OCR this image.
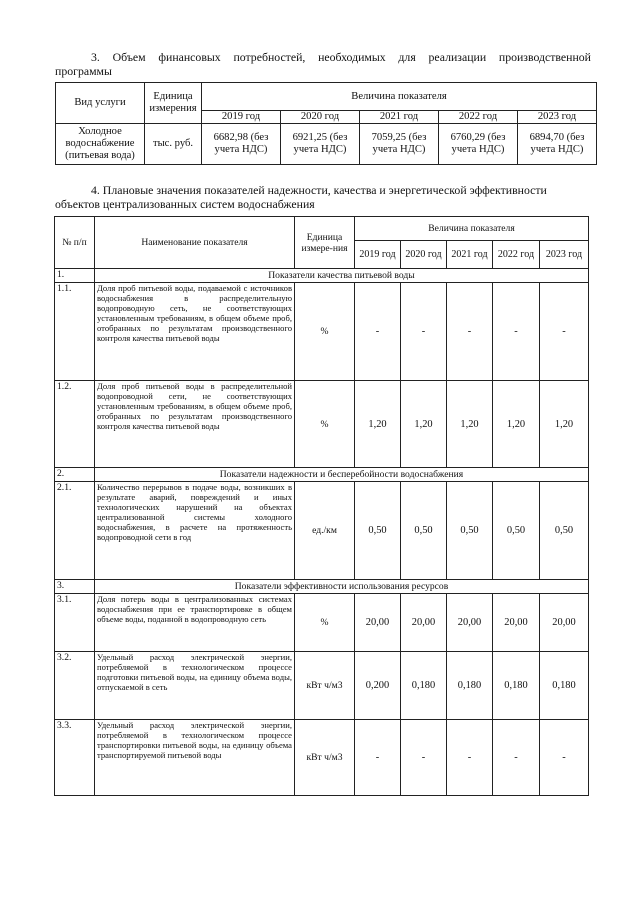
3. Объем финансовых потребностей, необходимых для реализации производственной
программы
Вид услуги	Единица измерения	Величина показателя				
		2019 год	2020 год	2021 год	2022 год	2023 год
Холодное водоснабжение (питьевая вода)	тыс. руб.	6682,98 (без учета НДС)	6921,25 (без учета НДС)	7059,25 (без учета НДС)	6760,29 (без учета НДС)	6894,70 (без учета НДС)
4. Плановые значения показателей надежности, качества и энергетической эффективности
объектов централизованных систем водоснабжения
№ п/п	Наименование показателя	Единица измере-ния	Величина показателя				
			2019 год	2020 год	2021 год	2022 год	2023 год
1.	Показатели качества питьевой воды						
1.1.	Доля проб питьевой воды, подаваемой с источников водоснабжения в распределительную водопроводную сеть, не соответствующих установленным требованиям, в общем объеме проб, отобранных по результатам производственного контроля качества питьевой воды	%	-	-	-	-	-
1.2.	Доля проб питьевой воды в распределительной водопроводной сети, не соответствующих установленным требованиям, в общем объеме проб, отобранных по результатам производственного контроля качества питьевой воды	%	1,20	1,20	1,20	1,20	1,20
2.	Показатели надежности и бесперебойности водоснабжения						
2.1.	Количество перерывов в подаче воды, возникших в результате аварий, повреждений и иных технологических нарушений на объектах централизованной системы холодного водоснабжения, в расчете на протяженность водопроводной сети в год	ед./км	0,50	0,50	0,50	0,50	0,50
3.	Показатели эффективности использования ресурсов						
3.1.	Доля потерь воды в централизованных системах водоснабжения при ее транспортировке в общем объеме воды, поданной в водопроводную сеть	%	20,00	20,00	20,00	20,00	20,00
3.2.	Удельный расход электрической энергии, потребляемой в технологическом процессе подготовки питьевой воды, на единицу объема воды, отпускаемой в сеть	кВт ч/м3	0,200	0,180	0,180	0,180	0,180
3.3.	Удельный расход электрической энергии, потребляемой в технологическом процессе транспортировки питьевой воды, на единицу объема транспортируемой питьевой воды	кВт ч/м3	-	-	-	-	-
